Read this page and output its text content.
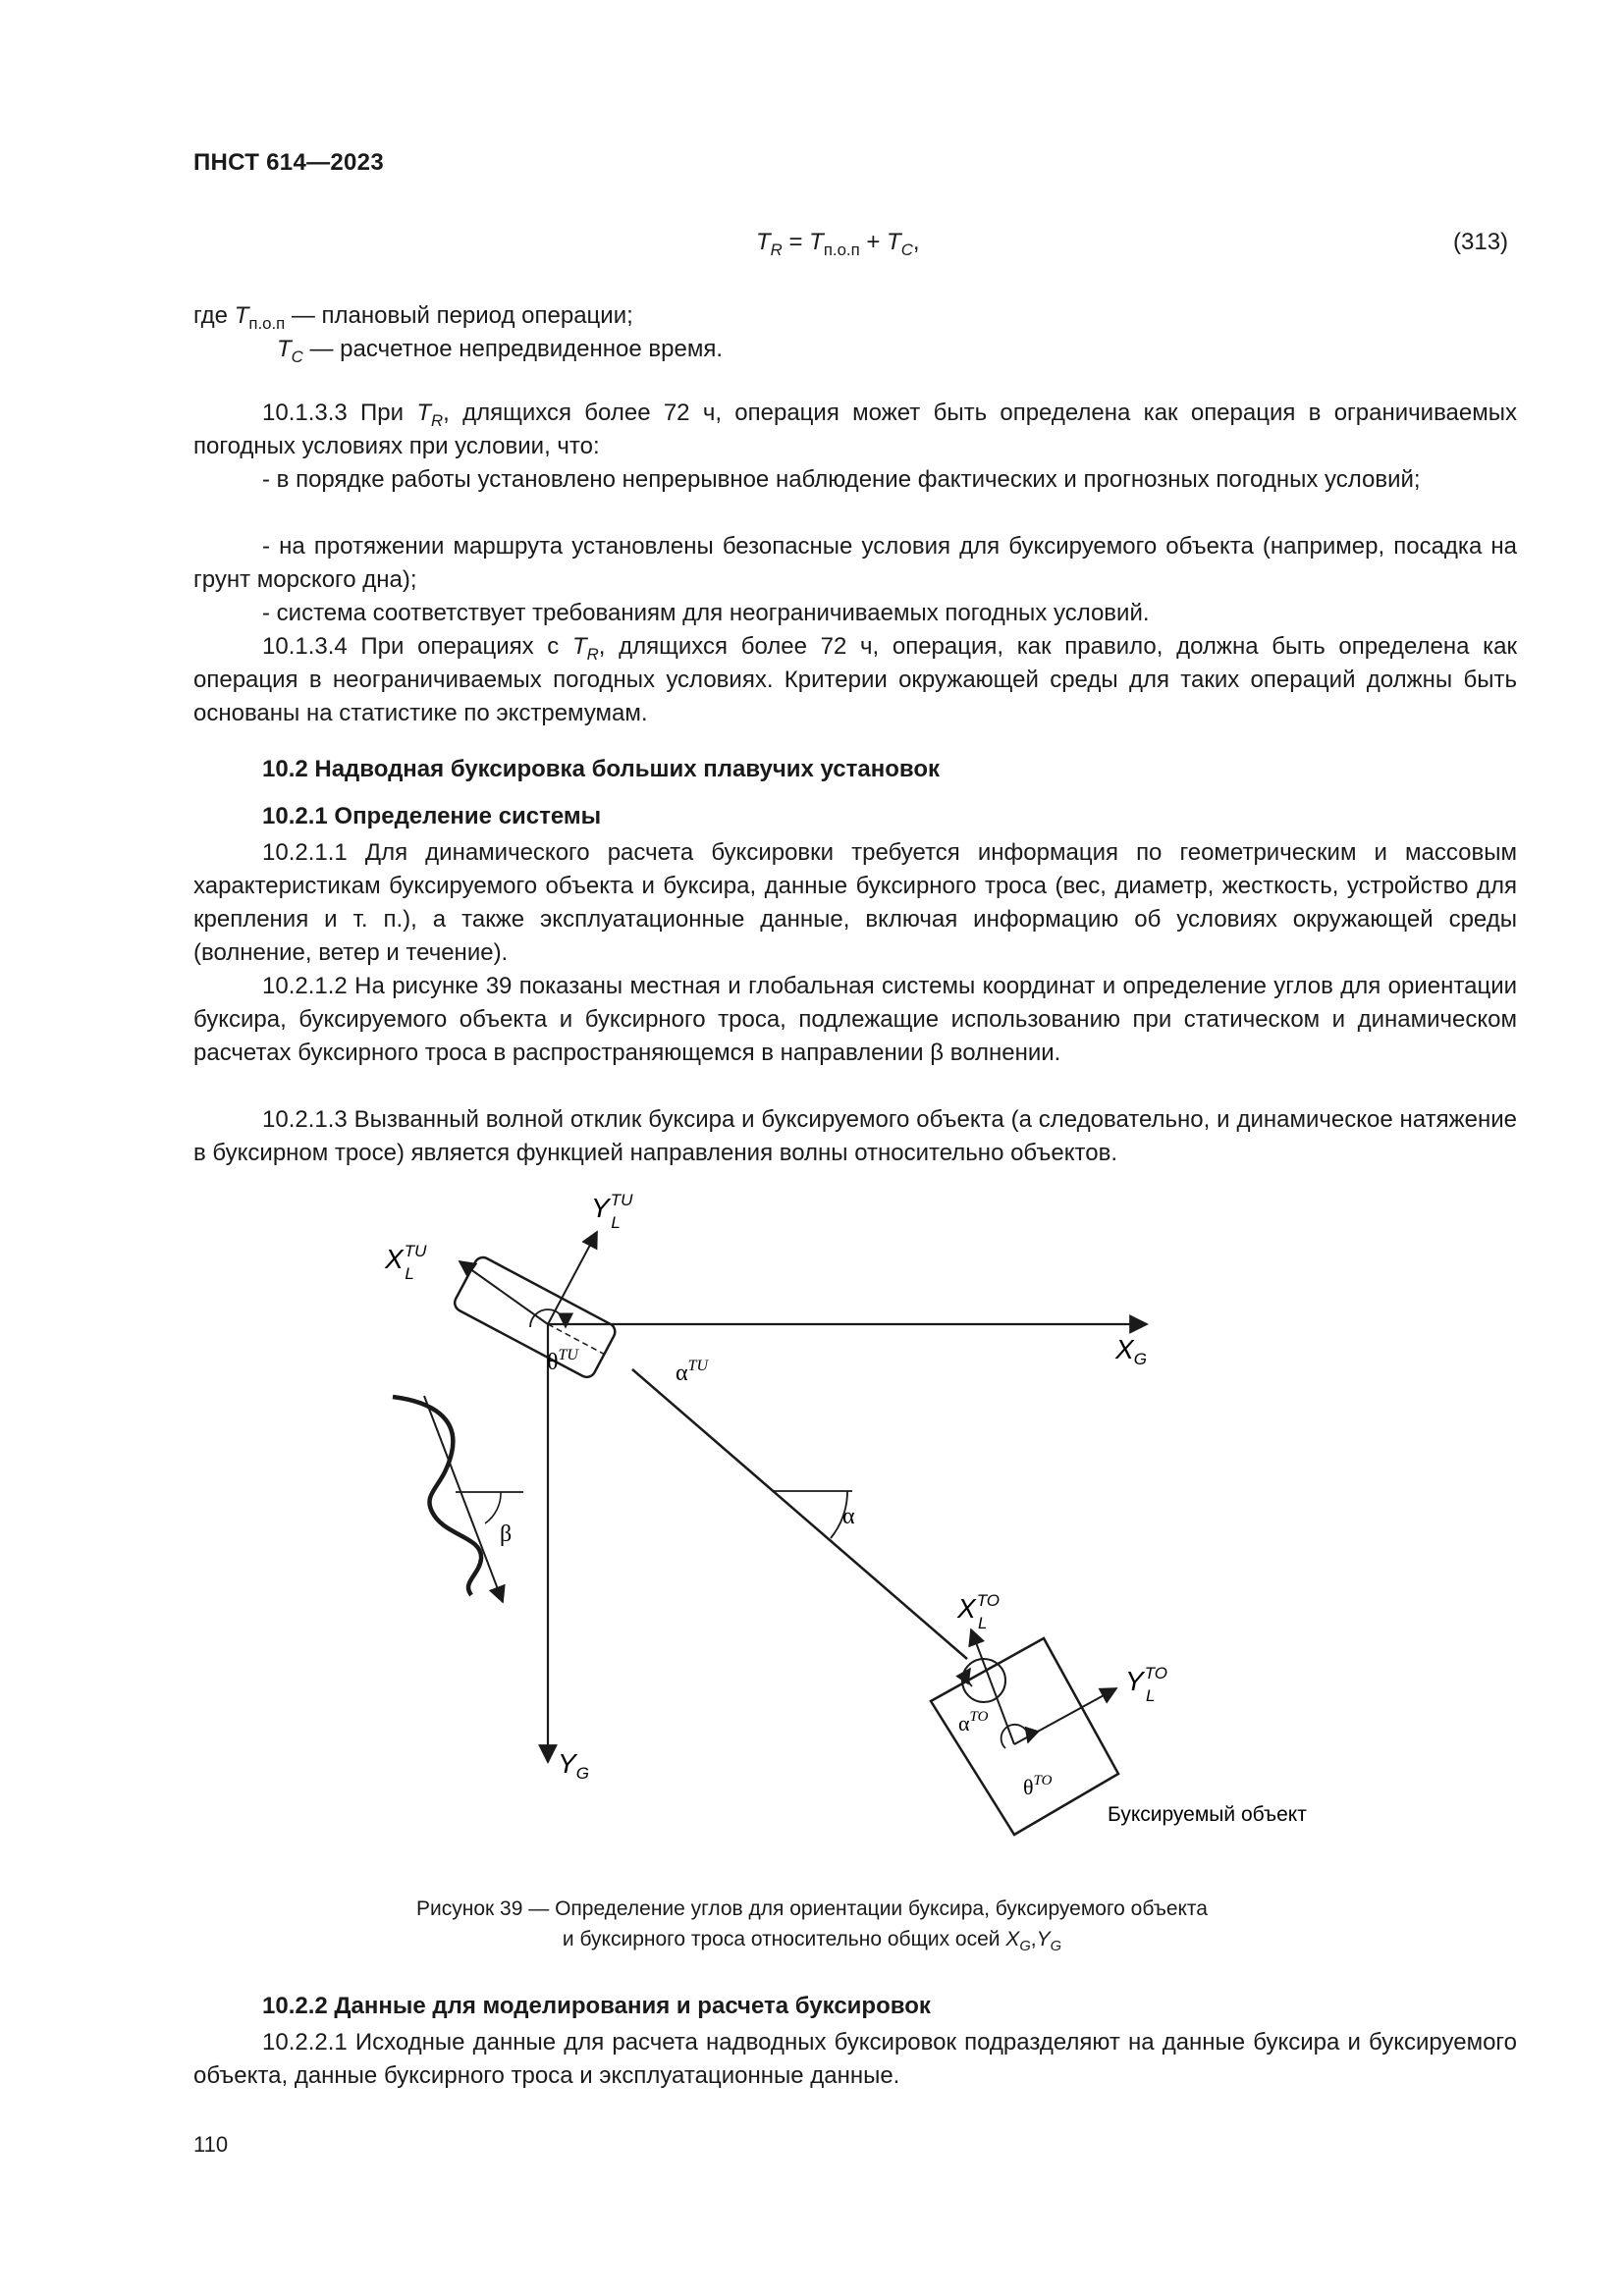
ПНСТ 614—2023
$T_R = T_{п.о.п} + T_C$,	(313)
где $T_{п.о.п}$ — плановый период операции;
$T_C$ — расчетное непредвиденное время.
10.1.3.3 При $T_R$, длящихся более 72 ч, операция может быть определена как операция в ограничиваемых погодных условиях при условии, что:
- в порядке работы установлено непрерывное наблюдение фактических и прогнозных погодных условий;
- на протяжении маршрута установлены безопасные условия для буксируемого объекта (например, посадка на грунт морского дна);
- система соответствует требованиям для неограничиваемых погодных условий.
10.1.3.4 При операциях с $T_R$, длящихся более 72 ч, операция, как правило, должна быть определена как операция в неограничиваемых погодных условиях. Критерии окружающей среды для таких операций должны быть основаны на статистике по экстремумам.
10.2 Надводная буксировка больших плавучих установок
10.2.1 Определение системы
10.2.1.1 Для динамического расчета буксировки требуется информация по геометрическим и массовым характеристикам буксируемого объекта и буксира, данные буксирного троса (вес, диаметр, жесткость, устройство для крепления и т. п.), а также эксплуатационные данные, включая информацию об условиях окружающей среды (волнение, ветер и течение).
10.2.1.2 На рисунке 39 показаны местная и глобальная системы координат и определение углов для ориентации буксира, буксируемого объекта и буксирного троса, подлежащие использованию при статическом и динамическом расчетах буксирного троса в распространяющемся в направлении β волнении.
10.2.1.3 Вызванный волной отклик буксира и буксируемого объекта (а следовательно, и динамическое натяжение в буксирном тросе) является функцией направления волны относительно объектов.
$X^{TU}$ L
$Y^{TU}$ L
$\theta^{TU}$
$\alpha^{TU}$
$X_G$
$Y_G$
α
β
$X^{TO}$ L
$Y^{TO}$ L
$\alpha^{TO}$
$\theta^{TO}$
Буксируемый объект
Рисунок 39 — Определение углов для ориентации буксира, буксируемого объекта
и буксирного троса относительно общих осей $X_G,Y_G$
10.2.2 Данные для моделирования и расчета буксировок
10.2.2.1 Исходные данные для расчета надводных буксировок подразделяют на данные буксира и буксируемого объекта, данные буксирного троса и эксплуатационные данные.
110
